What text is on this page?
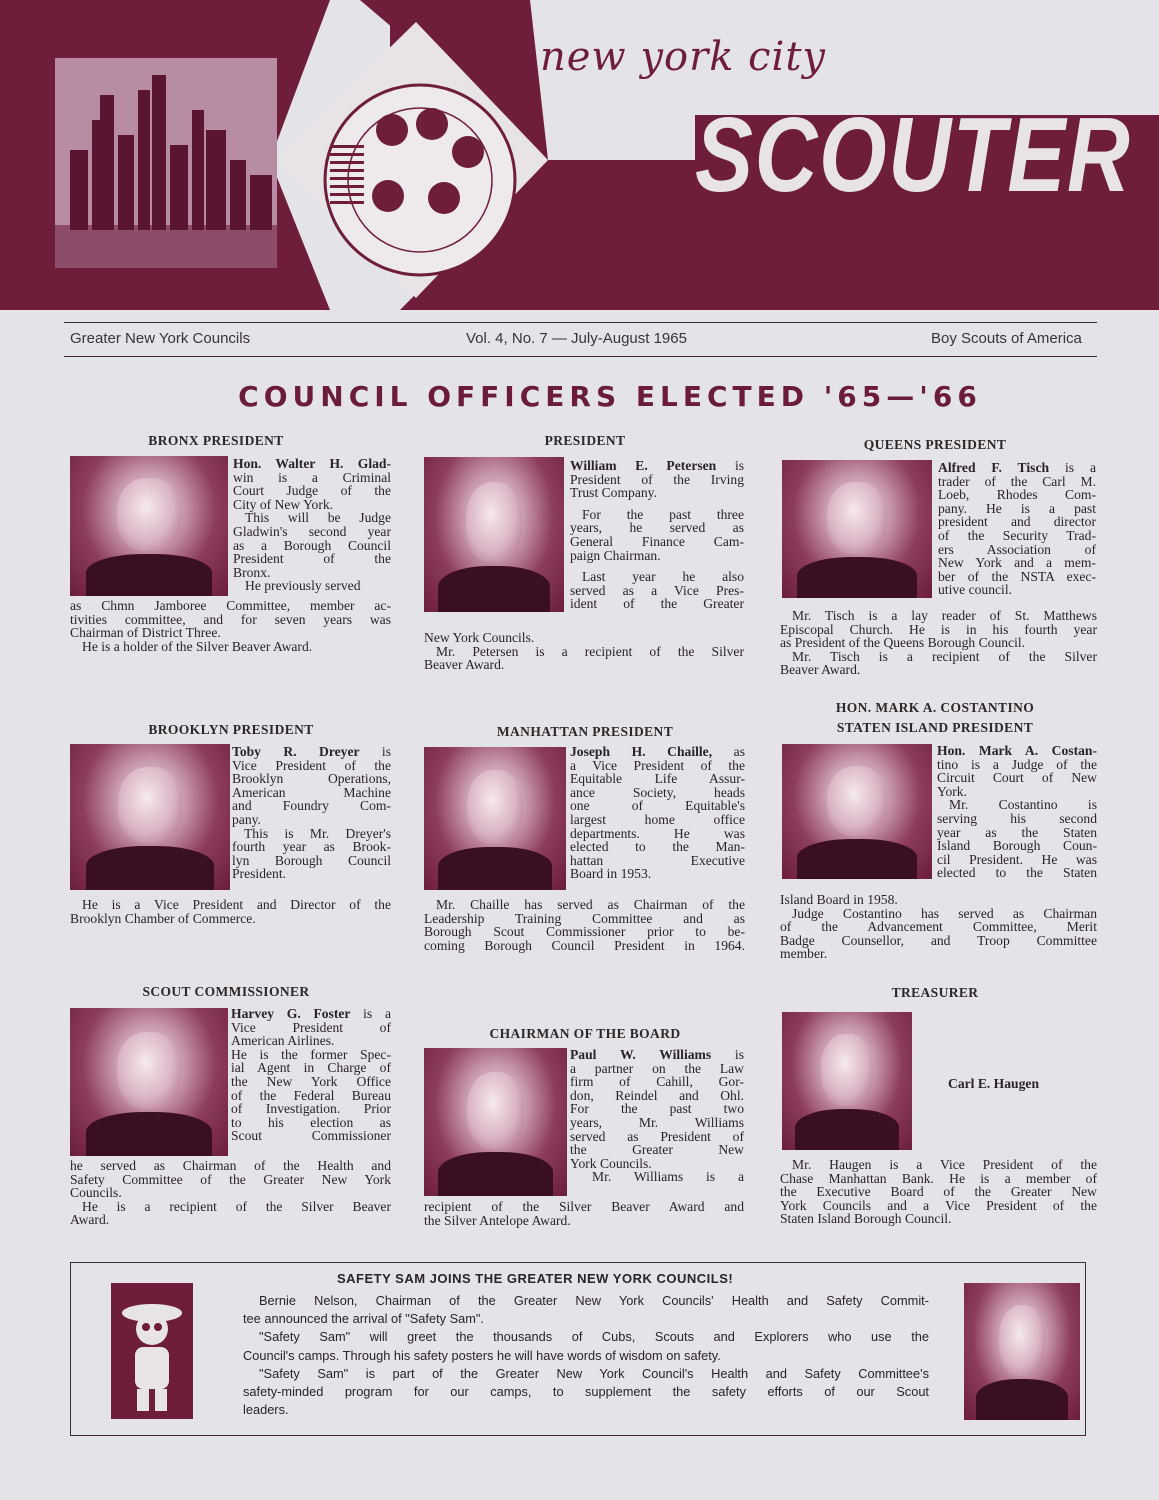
new york city
SCOUTER
Greater New York Councils	Vol. 4, No. 7 — July-August 1965	Boy Scouts of America
COUNCIL OFFICERS ELECTED '65—'66
BRONX PRESIDENT
Hon. Walter H. Glad-
win is a Criminal
Court Judge of the
City of New York.
This will be Judge
Gladwin's second year
as a Borough Council
President of the
Bronx.
He previously served
as Chmn Jamboree Committee, member ac-
tivities committee, and for seven years was
Chairman of District Three.
He is a holder of the Silver Beaver Award.
PRESIDENT
William E. Petersen is
President of the Irving
Trust Company.
For the past three
years, he served as
General Finance Cam-
paign Chairman.
Last year he also
served as a Vice Pres-
ident of the Greater
New York Councils.
Mr. Petersen is a recipient of the Silver
Beaver Award.
QUEENS PRESIDENT
Alfred F. Tisch is a
trader of the Carl M.
Loeb, Rhodes Com-
pany. He is a past
president and director
of the Security Trad-
ers Association of
New York and a mem-
ber of the NSTA exec-
utive council.
Mr. Tisch is a lay reader of St. Matthews
Episcopal Church. He is in his fourth year
as President of the Queens Borough Council.
Mr. Tisch is a recipient of the Silver
Beaver Award.
BROOKLYN PRESIDENT
Toby R. Dreyer is
Vice President of the
Brooklyn Operations,
American Machine
and Foundry Com-
pany.
This is Mr. Dreyer's
fourth year as Brook-
lyn Borough Council
President.
He is a Vice President and Director of the
Brooklyn Chamber of Commerce.
MANHATTAN PRESIDENT
Joseph H. Chaille, as
a Vice President of the
Equitable Life Assur-
ance Society, heads
one of Equitable's
largest home office
departments. He was
elected to the Man-
hattan Executive
Board in 1953.
Mr. Chaille has served as Chairman of the
Leadership Training Committee and as
Borough Scout Commissioner prior to be-
coming Borough Council President in 1964.
HON. MARK A. COSTANTINO
STATEN ISLAND PRESIDENT
Hon. Mark A. Costan-
tino is a Judge of the
Circuit Court of New
York.
Mr. Costantino is
serving his second
year as the Staten
Island Borough Coun-
cil President. He was
elected to the Staten
Island Board in 1958.
Judge Costantino has served as Chairman
of the Advancement Committee, Merit
Badge Counsellor, and Troop Committee
member.
SCOUT COMMISSIONER
Harvey G. Foster is a
Vice President of
American Airlines.
He is the former Spec-
ial Agent in Charge of
the New York Office
of the Federal Bureau
of Investigation. Prior
to his election as
Scout Commissioner
he served as Chairman of the Health and
Safety Committee of the Greater New York
Councils.
He is a recipient of the Silver Beaver
Award.
CHAIRMAN OF THE BOARD
Paul W. Williams is
a partner on the Law
firm of Cahill, Gor-
don, Reindel and Ohl.
For the past two
years, Mr. Williams
served as President of
the Greater New
York Councils.
Mr. Williams is a
recipient of the Silver Beaver Award and
the Silver Antelope Award.
TREASURER
Carl E. Haugen
Mr. Haugen is a Vice President of the
Chase Manhattan Bank. He is a member of
the Executive Board of the Greater New
York Councils and a Vice President of the
Staten Island Borough Council.
SAFETY SAM JOINS THE GREATER NEW YORK COUNCILS!
Bernie Nelson, Chairman of the Greater New York Councils' Health and Safety Commit-
tee announced the arrival of "Safety Sam".
"Safety Sam" will greet the thousands of Cubs, Scouts and Explorers who use the
Council's camps. Through his safety posters he will have words of wisdom on safety.
"Safety Sam" is part of the Greater New York Council's Health and Safety Committee's
safety-minded program for our camps, to supplement the safety efforts of our Scout
leaders.
